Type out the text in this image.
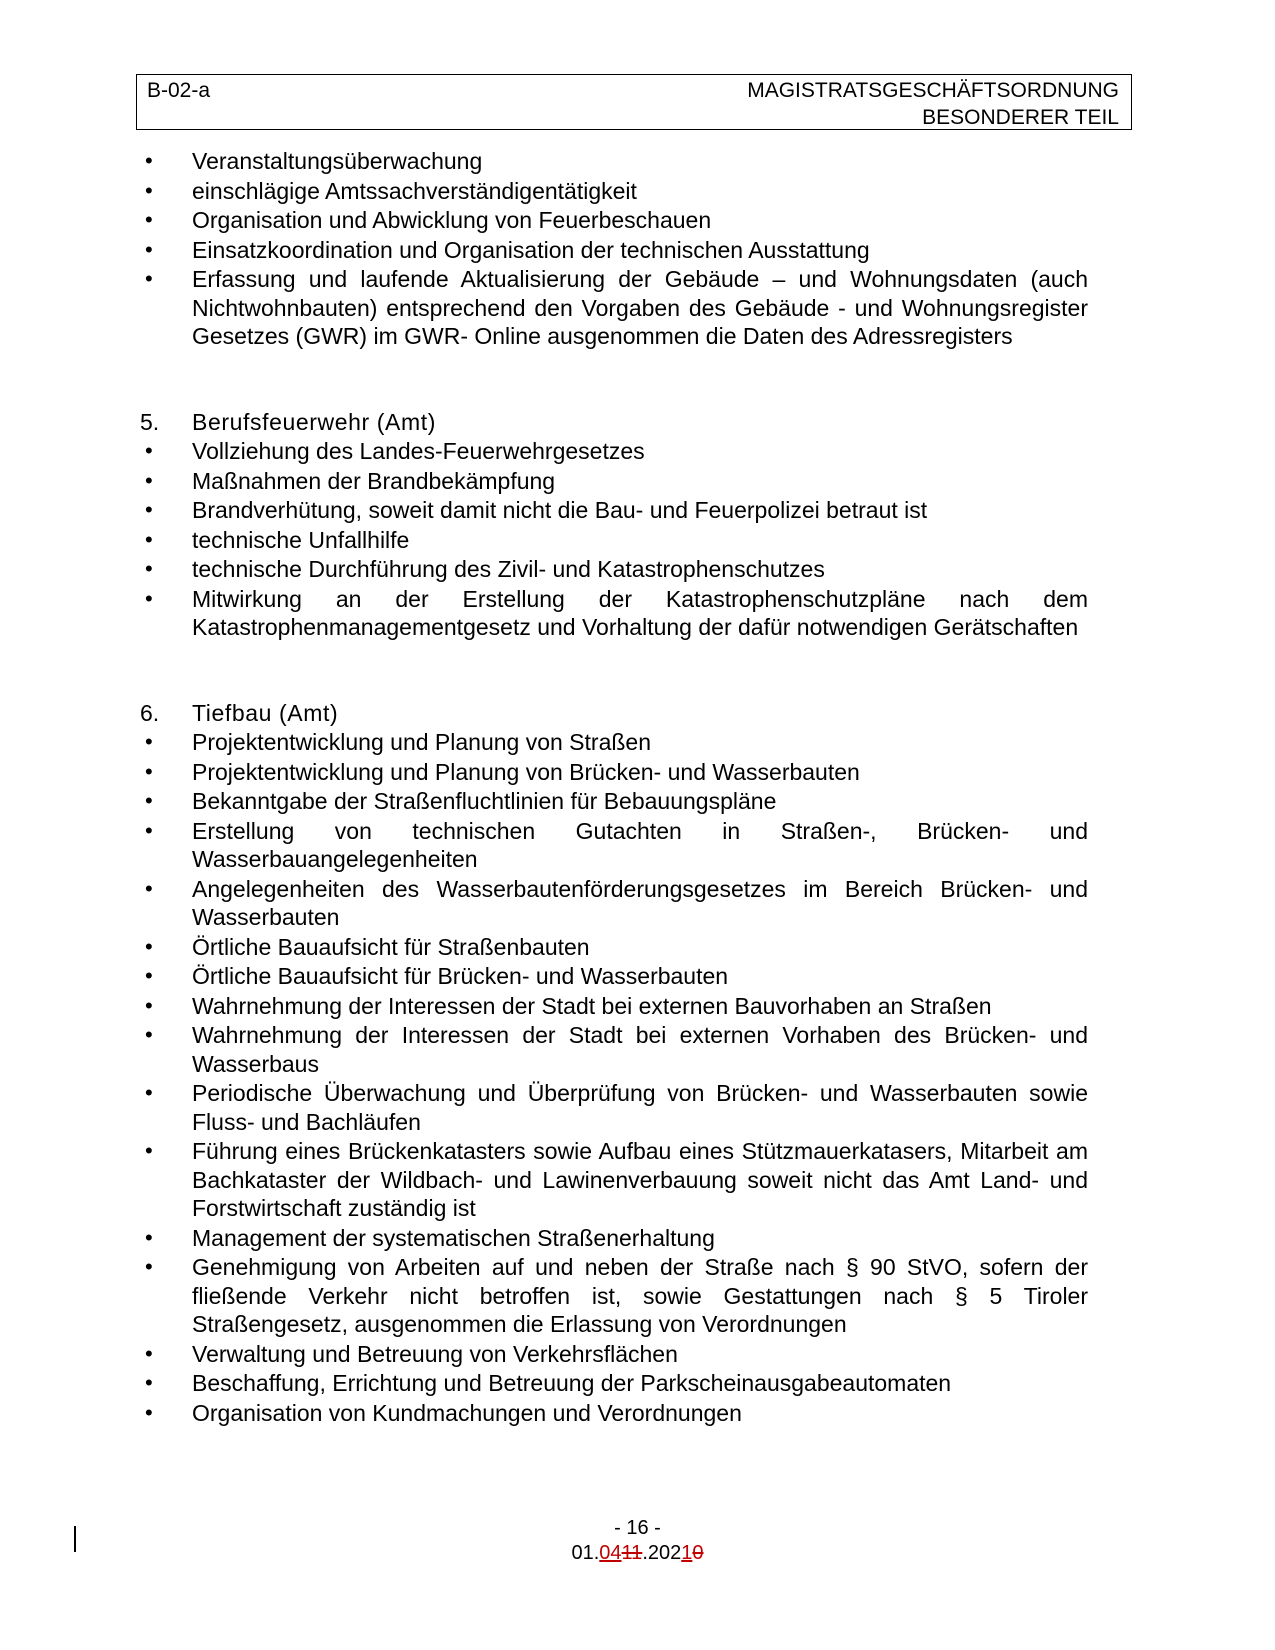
B-02-a	MAGISTRATSGESCHÄFTSORDNUNG
BESONDERER TEIL
• Veranstaltungsüberwachung
• einschlägige Amtssachverständigentätigkeit
• Organisation und Abwicklung von Feuerbeschauen
• Einsatzkoordination und Organisation der technischen Ausstattung
• Erfassung und laufende Aktualisierung der Gebäude – und Wohnungsdaten (auch Nichtwohnbauten) entsprechend den Vorgaben des Gebäude - und Wohnungsregister Gesetzes (GWR) im GWR- Online ausgenommen die Daten des Adressregisters
5. Berufsfeuerwehr (Amt)
• Vollziehung des Landes-Feuerwehrgesetzes
• Maßnahmen der Brandbekämpfung
• Brandverhütung, soweit damit nicht die Bau- und Feuerpolizei betraut ist
• technische Unfallhilfe
• technische Durchführung des Zivil- und Katastrophenschutzes
• Mitwirkung an der Erstellung der Katastrophenschutzpläne nach dem Katastrophenmanagementgesetz und Vorhaltung der dafür notwendigen Gerätschaften
6. Tiefbau (Amt)
• Projektentwicklung und Planung von Straßen
• Projektentwicklung und Planung von Brücken- und Wasserbauten
• Bekanntgabe der Straßenfluchtlinien für Bebauungspläne
• Erstellung von technischen Gutachten in Straßen-, Brücken- und Wasserbauangelegenheiten
• Angelegenheiten des Wasserbautenförderungsgesetzes im Bereich Brücken- und Wasserbauten
• Örtliche Bauaufsicht für Straßenbauten
• Örtliche Bauaufsicht für Brücken- und Wasserbauten
• Wahrnehmung der Interessen der Stadt bei externen Bauvorhaben an Straßen
• Wahrnehmung der Interessen der Stadt bei externen Vorhaben des Brücken- und Wasserbaus
• Periodische Überwachung und Überprüfung von Brücken- und Wasserbauten sowie Fluss- und Bachläufen
• Führung eines Brückenkatasters sowie Aufbau eines Stützmauerkatasers, Mitarbeit am Bachkataster der Wildbach- und Lawinenverbauung soweit nicht das Amt Land- und Forstwirtschaft zuständig ist
• Management der systematischen Straßenerhaltung
• Genehmigung von Arbeiten auf und neben der Straße nach § 90 StVO, sofern der fließende Verkehr nicht betroffen ist, sowie Gestattungen nach § 5 Tiroler Straßengesetz, ausgenommen die Erlassung von Verordnungen
• Verwaltung und Betreuung von Verkehrsflächen
• Beschaffung, Errichtung und Betreuung der Parkscheinausgabeautomaten
• Organisation von Kundmachungen und Verordnungen
- 16 -
01.0411.20210
